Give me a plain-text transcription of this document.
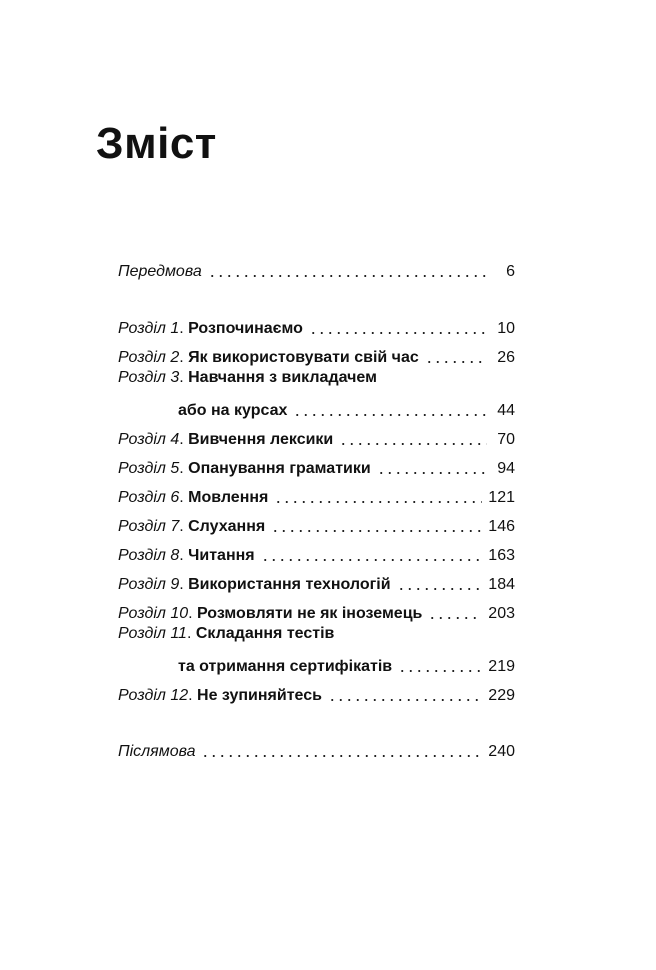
Зміст
Передмова	6
Розділ 1. Розпочинаємо	10
Розділ 2. Як використовувати свій час	26
Розділ 3. Навчання з викладачем
або на курсах	44
Розділ 4. Вивчення лексики	70
Розділ 5. Опанування граматики	94
Розділ 6. Мовлення	121
Розділ 7. Слухання	146
Розділ 8. Читання	163
Розділ 9. Використання технологій	184
Розділ 10. Розмовляти не як іноземець	203
Розділ 11. Складання тестів
та отримання сертифікатів	219
Розділ 12. Не зупиняйтесь	229
Післямова	240
